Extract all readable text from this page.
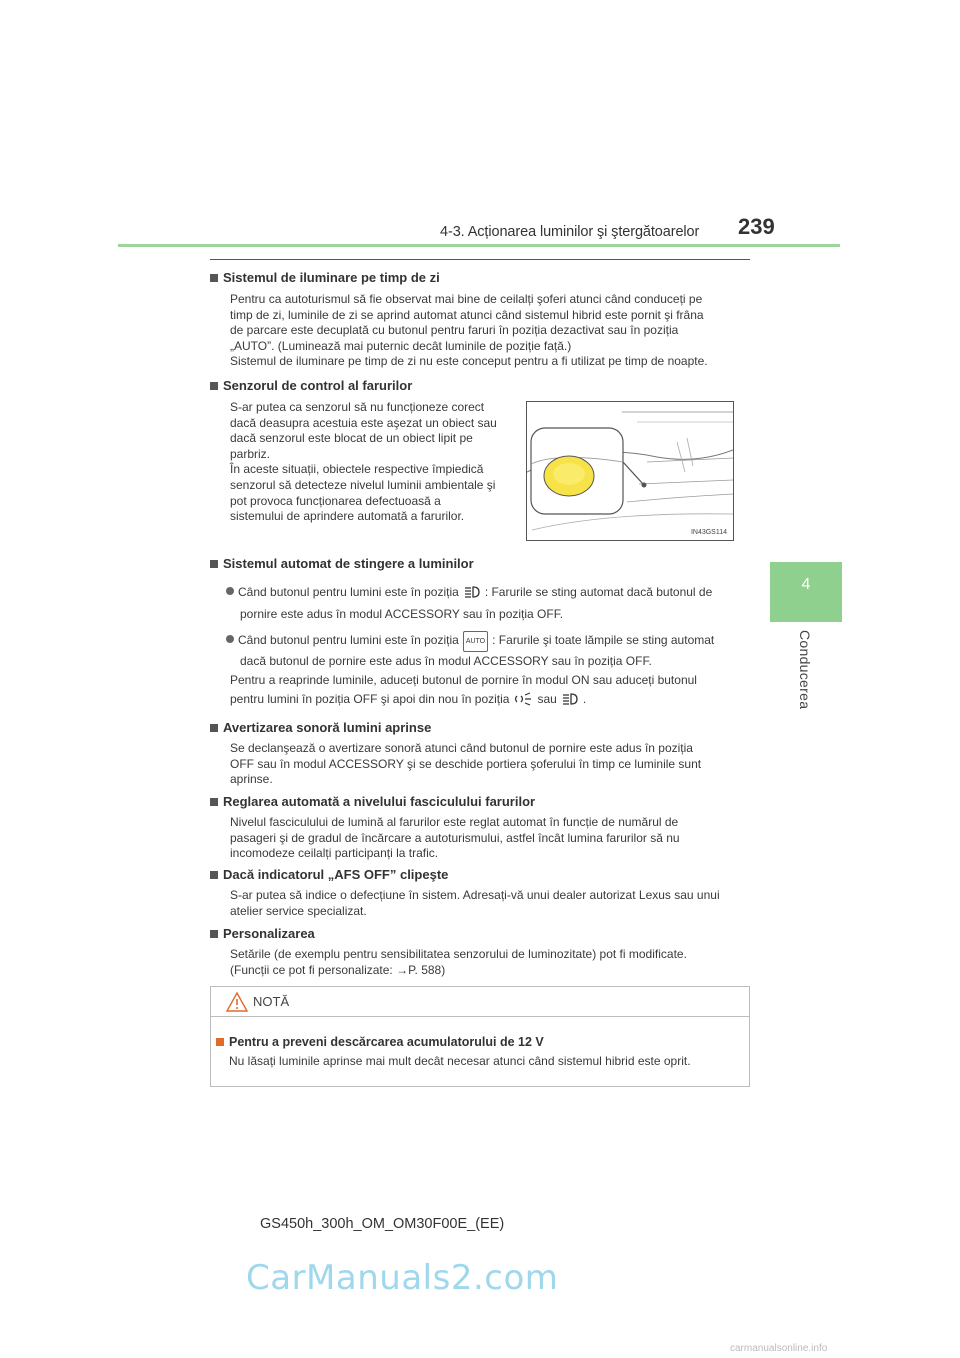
4-3. Acționarea luminilor şi ştergătoarelor 239
4
Conducerea
Sistemul de iluminare pe timp de zi
Pentru ca autoturismul să fie observat mai bine de ceilalți şoferi atunci când conduceți pe
timp de zi, luminile de zi se aprind automat atunci când sistemul hibrid este pornit şi frâna
de parcare este decuplată cu butonul pentru faruri în poziția dezactivat sau în poziția
„AUTO”. (Luminează mai puternic decât luminile de poziție față.)
Sistemul de iluminare pe timp de zi nu este conceput pentru a fi utilizat pe timp de noapte.
Senzorul de control al farurilor
S-ar putea ca senzorul să nu funcționeze corect
dacă deasupra acestuia este aşezat un obiect sau
dacă senzorul este blocat de un obiect lipit pe
parbriz.
În aceste situații, obiectele respective împiedică
senzorul să detecteze nivelul luminii ambientale şi
pot provoca funcționarea defectuoasă a
sistemului de aprindere automată a farurilor.
IN43GS114
Sistemul automat de stingere a luminilor
Când butonul pentru lumini este în poziția : Farurile se sting automat dacă butonul de
pornire este adus în modul ACCESSORY sau în poziția OFF.
Când butonul pentru lumini este în poziția AUTO : Farurile şi toate lămpile se sting automat
dacă butonul de pornire este adus în modul ACCESSORY sau în poziția OFF.
Pentru a reaprinde luminile, aduceți butonul de pornire în modul ON sau aduceți butonul
pentru lumini în poziția OFF şi apoi din nou în poziția sau .
Avertizarea sonoră lumini aprinse
Se declanşează o avertizare sonoră atunci când butonul de pornire este adus în poziția
OFF sau în modul ACCESSORY şi se deschide portiera şoferului în timp ce luminile sunt
aprinse.
Reglarea automată a nivelului fasciculului farurilor
Nivelul fasciculului de lumină al farurilor este reglat automat în funcție de numărul de
pasageri şi de gradul de încărcare a autoturismului, astfel încât lumina farurilor să nu
incomodeze ceilalți participanți la trafic.
Dacă indicatorul „AFS OFF” clipeşte
S-ar putea să indice o defecțiune în sistem. Adresați-vă unui dealer autorizat Lexus sau unui
atelier service specializat.
Personalizarea
Setările (de exemplu pentru sensibilitatea senzorului de luminozitate) pot fi modificate.
(Funcții ce pot fi personalizate: →P. 588)
NOTĂ
Pentru a preveni descărcarea acumulatorului de 12 V
Nu lăsați luminile aprinse mai mult decât necesar atunci când sistemul hibrid este oprit.
GS450h_300h_OM_OM30F00E_(EE)
CarManuals2.com
carmanualsonline.info
